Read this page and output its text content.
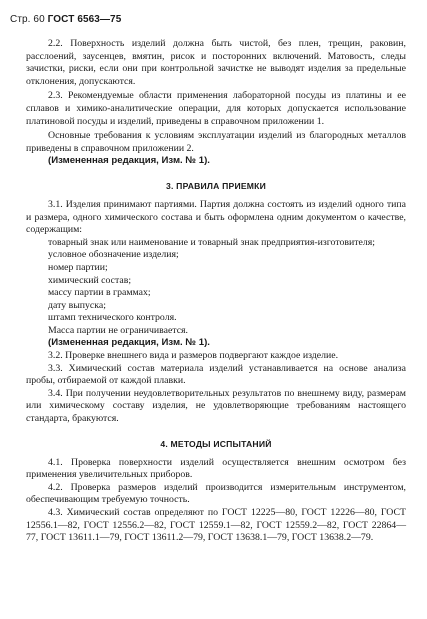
Стр. 60 ГОСТ 6563—75

2.2. Поверхность изделий должна быть чистой, без плен, трещин, раковин, расслоений, заусенцев, вмятин, рисок и посторонних включений. Матовость, следы зачистки, риски, если они при контрольной зачистке не выводят изделия за предельные отклонения, допускаются.

2.3. Рекомендуемые области применения лабораторной посуды из платины и ее сплавов и химико-аналитические операции, для которых допускается использование платиновой посуды и изделий, приведены в справочном приложении 1.

Основные требования к условиям эксплуатации изделий из благородных металлов приведены в справочном приложении 2.

(Измененная редакция, Изм. № 1).

3. ПРАВИЛА ПРИЕМКИ

3.1. Изделия принимают партиями. Партия должна состоять из изделий одного типа и размера, одного химического состава и быть оформлена одним документом о качестве, содержащим:

товарный знак или наименование и товарный знак предприятия-изготовителя;

условное обозначение изделия;

номер партии;

химический состав;

массу партии в граммах;

дату выпуска;

штамп технического контроля.

Масса партии не ограничивается.

(Измененная редакция, Изм. № 1).

3.2. Проверке внешнего вида и размеров подвергают каждое изделие.

3.3. Химический состав материала изделий устанавливается на основе анализа пробы, отбираемой от каждой плавки.

3.4. При получении неудовлетворительных результатов по внешнему виду, размерам или химическому составу изделия, не удовлетворяющие требованиям настоящего стандарта, бракуются.

4. МЕТОДЫ ИСПЫТАНИЙ

4.1. Проверка поверхности изделий осуществляется внешним осмотром без применения увеличительных приборов.

4.2. Проверка размеров изделий производится измерительным инструментом, обеспечивающим требуемую точность.

4.3. Химический состав определяют по ГОСТ 12225—80, ГОСТ 12226—80, ГОСТ 12556.1—82, ГОСТ 12556.2—82, ГОСТ 12559.1—82, ГОСТ 12559.2—82, ГОСТ 22864—77, ГОСТ 13611.1—79, ГОСТ 13611.2—79, ГОСТ 13638.1—79, ГОСТ 13638.2—79.
